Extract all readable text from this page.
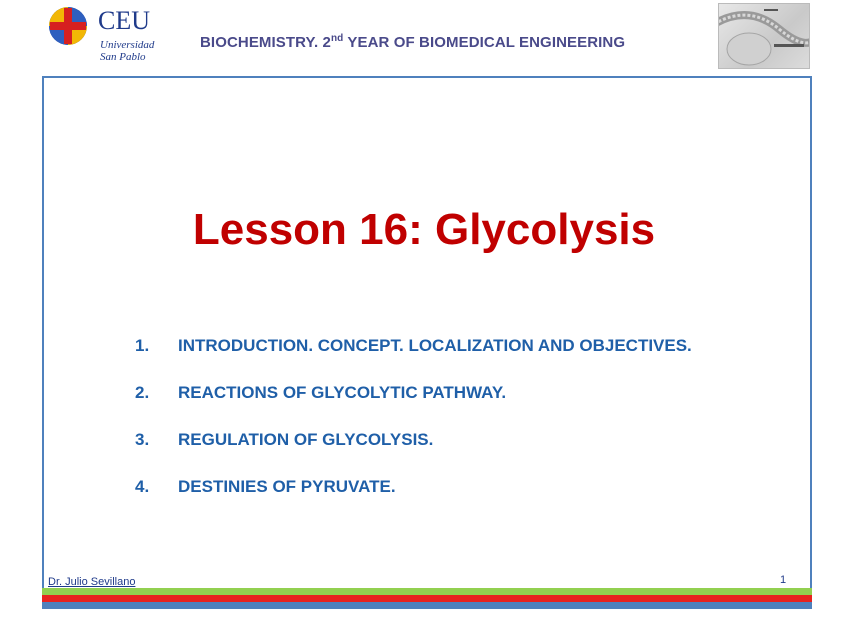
CEU
Universidad
San Pablo
BIOCHEMISTRY. 2nd YEAR OF BIOMEDICAL ENGINEERING
Lesson 16: Glycolysis
1.	INTRODUCTION. CONCEPT. LOCALIZATION AND OBJECTIVES.
2.	REACTIONS OF GLYCOLYTIC PATHWAY.
3.	REGULATION OF GLYCOLYSIS.
4.	DESTINIES OF PYRUVATE.
Dr. Julio Sevillano	1
